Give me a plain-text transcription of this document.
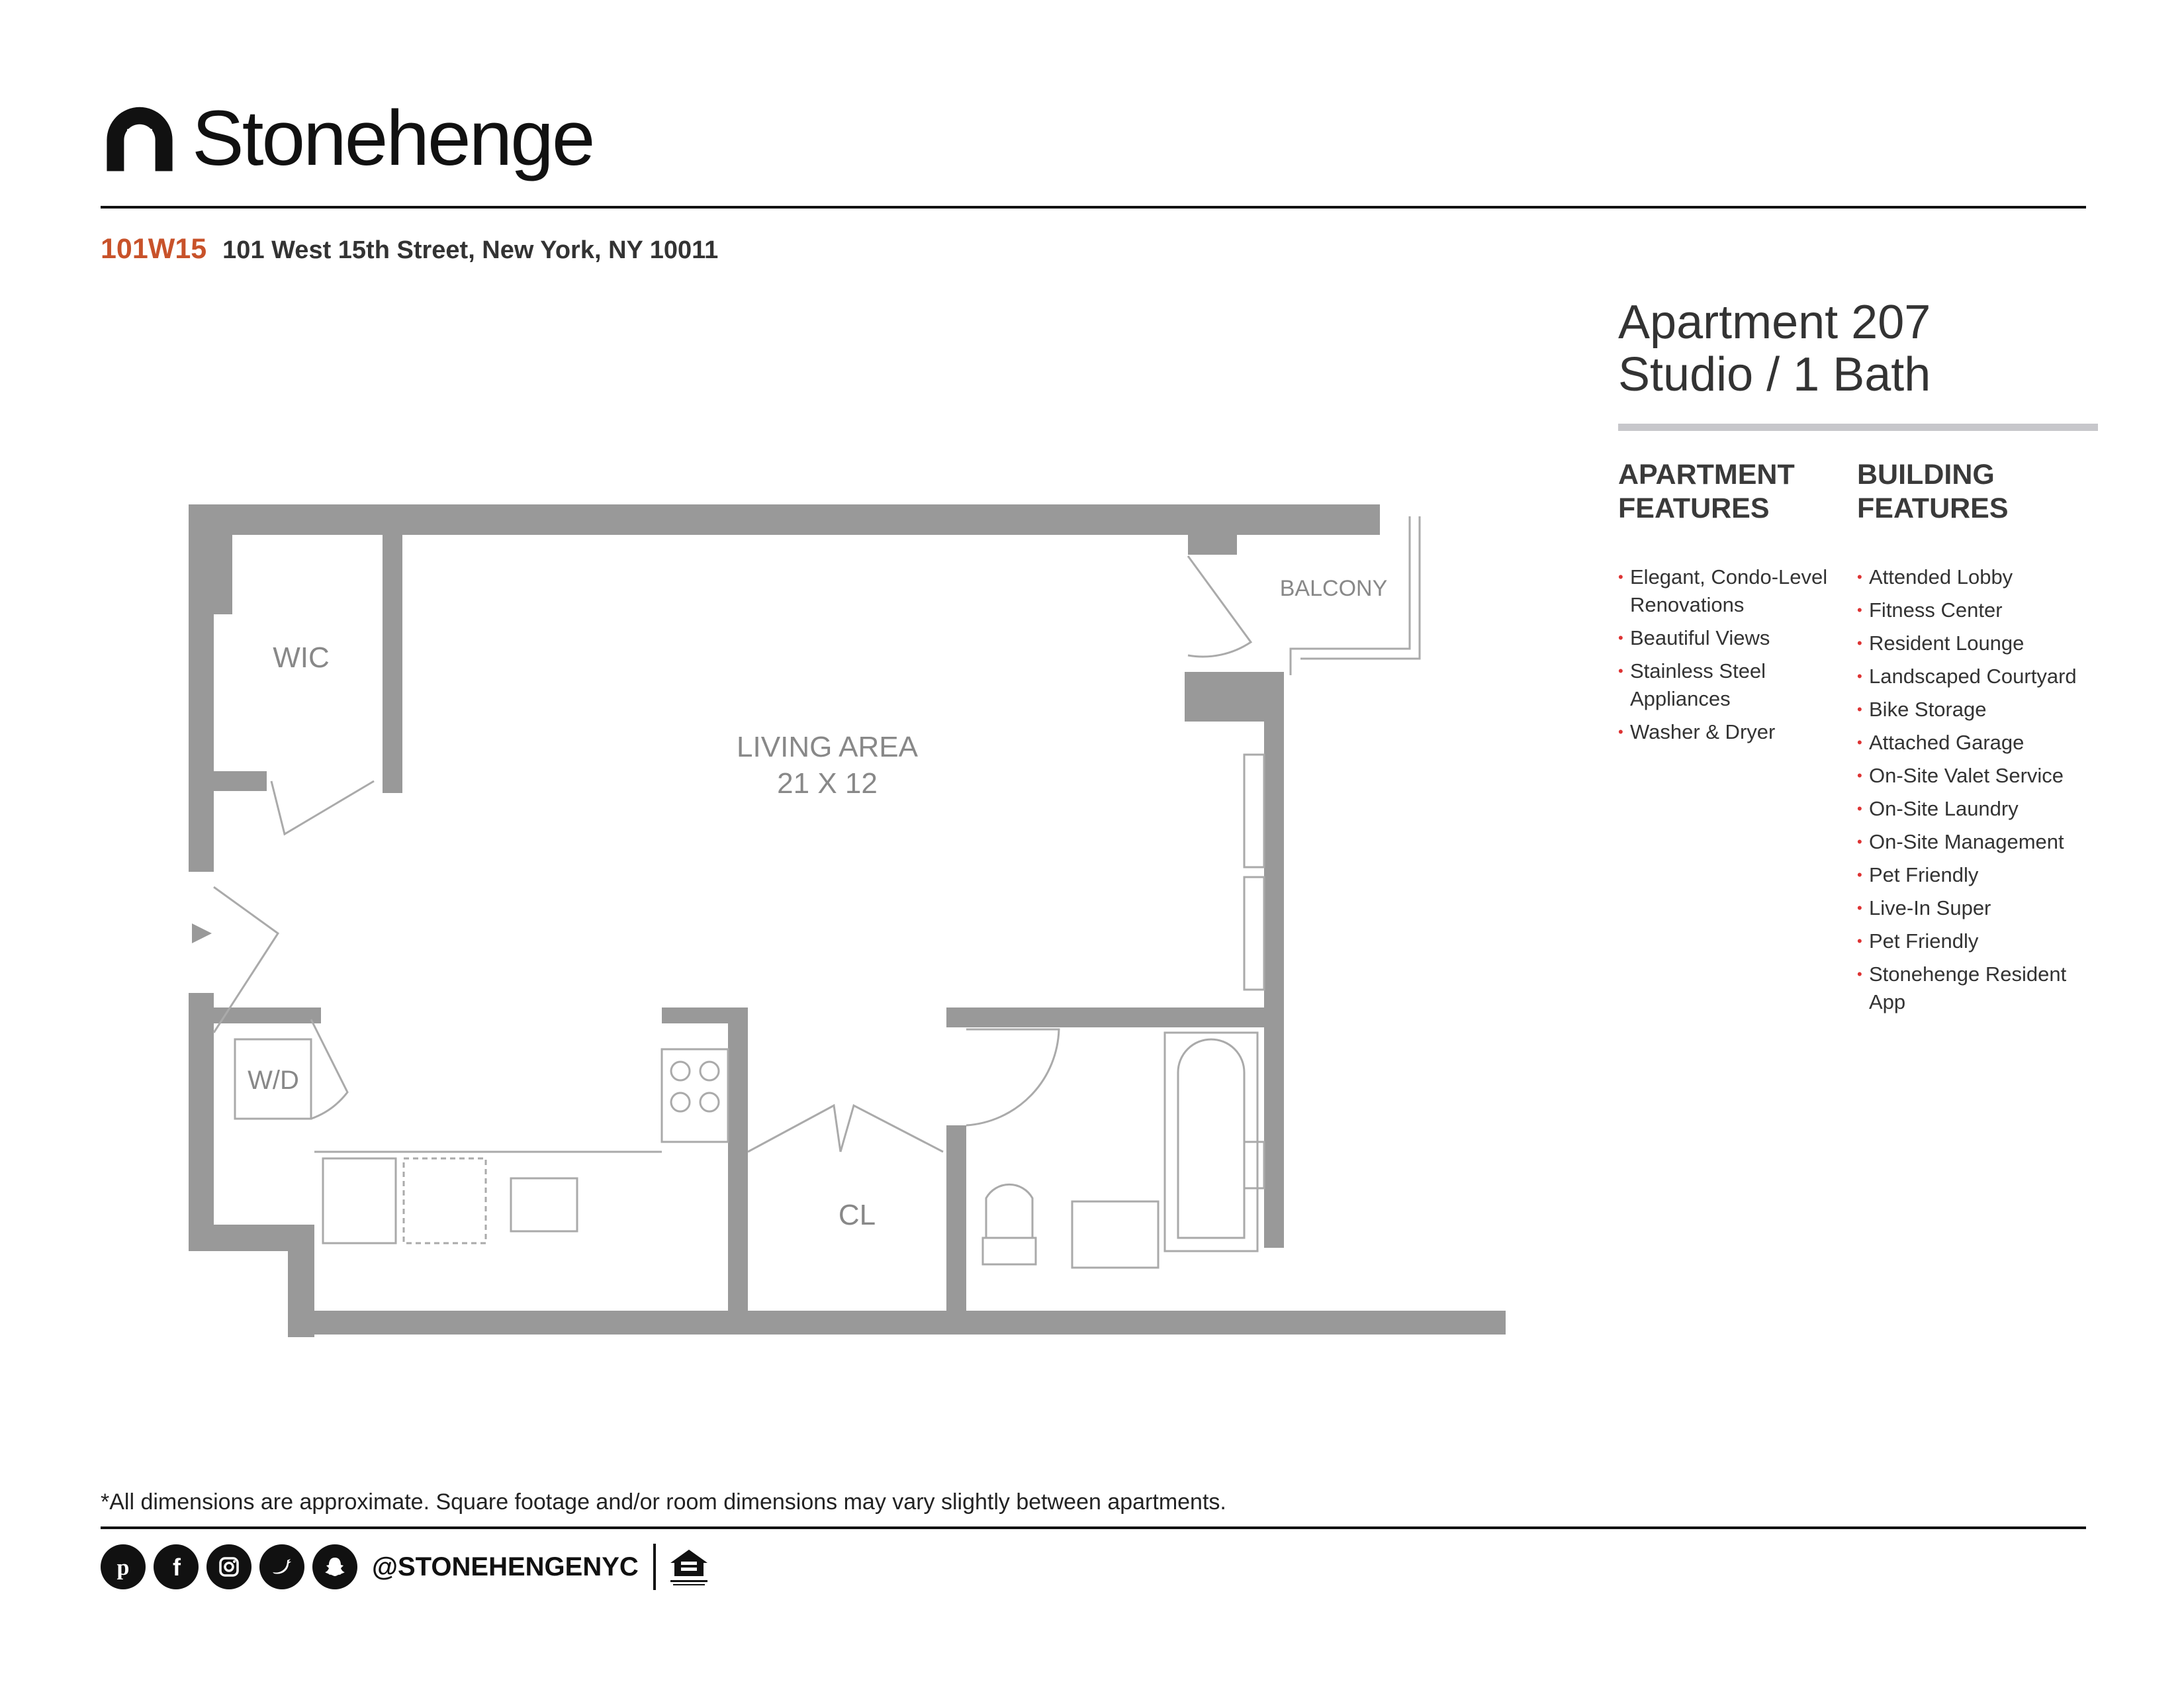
Stonehenge
101W15 101 West 15th Street, New York, NY 10011
Apartment 207
Studio / 1 Bath
APARTMENT
FEATURES
• Elegant, Condo-Level Renovations
• Beautiful Views
• Stainless Steel Appliances
• Washer & Dryer
BUILDING
FEATURES
• Attended Lobby
• Fitness Center
• Resident Lounge
• Landscaped Courtyard
• Bike Storage
• Attached Garage
• On-Site Valet Service
• On-Site Laundry
• On-Site Management
• Pet Friendly
• Live-In Super
• Pet Friendly
• Stonehenge Resident App
WIC
LIVING AREA
21 X 12
BALCONY
W/D
CL
*All dimensions are approximate. Square footage and/or room dimensions may vary slightly between apartments.
p f	@STONEHENGENYC
